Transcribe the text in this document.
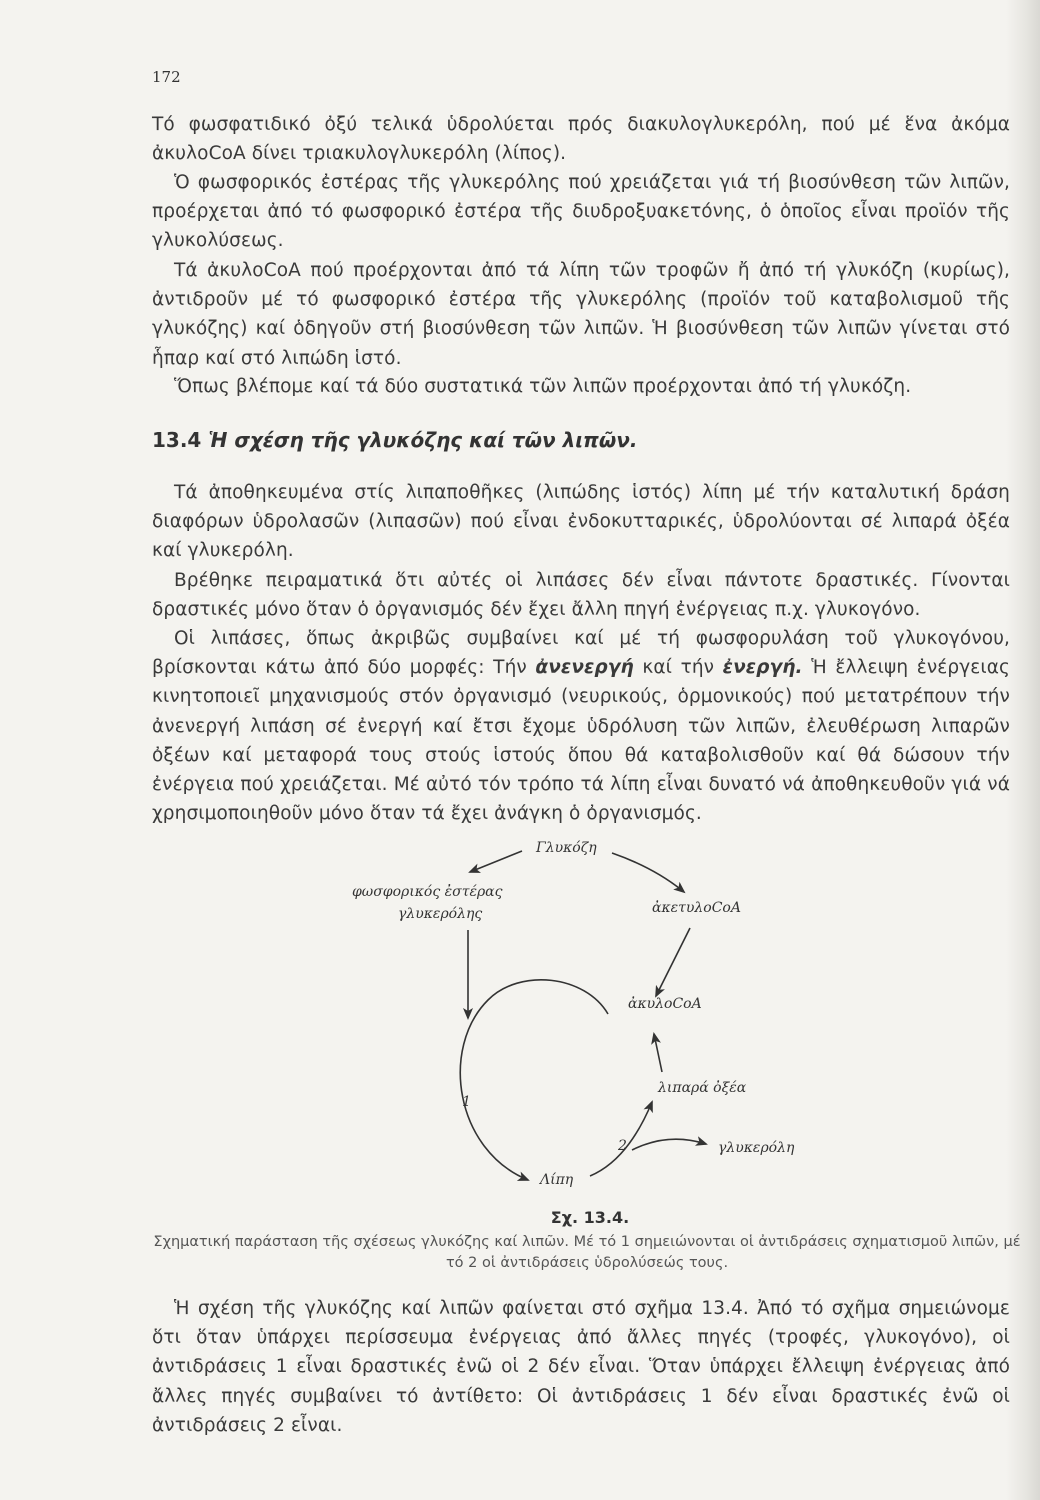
172
Τό φωσφατιδικό ὀξύ τελικά ὑδρολύεται πρός διακυλογλυκερόλη, πού μέ ἕνα ἀκόμα ἀκυλοCoA δίνει τριακυλογλυκερόλη (λίπος).
Ὁ φωσφορικός ἐστέρας τῆς γλυκερόλης πού χρειάζεται γιά τή βιοσύνθεση τῶν λιπῶν, προέρχεται ἀπό τό φωσφορικό ἐστέρα τῆς διυδροξυακετόνης, ὁ ὁποῖος εἶναι προϊόν τῆς γλυκολύσεως.
Τά ἀκυλοCoA πού προέρχονται ἀπό τά λίπη τῶν τροφῶν ἤ ἀπό τή γλυκόζη (κυρίως), ἀντιδροῦν μέ τό φωσφορικό ἐστέρα τῆς γλυκερόλης (προϊόν τοῦ καταβολισμοῦ τῆς γλυκόζης) καί ὁδηγοῦν στή βιοσύνθεση τῶν λιπῶν. Ἡ βιοσύνθεση τῶν λιπῶν γίνεται στό ἧπαρ καί στό λιπώδη ἱστό.
Ὅπως βλέπομε καί τά δύο συστατικά τῶν λιπῶν προέρχονται ἀπό τή γλυκόζη.
13.4 Ἡ σχέση τῆς γλυκόζης καί τῶν λιπῶν.
Τά ἀποθηκευμένα στίς λιπαποθῆκες (λιπώδης ἱστός) λίπη μέ τήν καταλυτική δράση διαφόρων ὑδρολασῶν (λιπασῶν) πού εἶναι ἐνδοκυτταρικές, ὑδρολύονται σέ λιπαρά ὀξέα καί γλυκερόλη.
Βρέθηκε πειραματικά ὅτι αὐτές οἱ λιπάσες δέν εἶναι πάντοτε δραστικές. Γίνονται δραστικές μόνο ὅταν ὁ ὀργανισμός δέν ἔχει ἄλλη πηγή ἐνέργειας π.χ. γλυκογόνο.
Οἱ λιπάσες, ὅπως ἀκριβῶς συμβαίνει καί μέ τή φωσφορυλάση τοῦ γλυκογόνου, βρίσκονται κάτω ἀπό δύο μορφές: Τήν ἀνενεργή καί τήν ἐνεργή. Ἡ ἔλλειψη ἐνέργειας κινητοποιεῖ μηχανισμούς στόν ὀργανισμό (νευρικούς, ὁρμονικούς) πού μετατρέπουν τήν ἀνενεργή λιπάση σέ ἐνεργή καί ἔτσι ἔχομε ὑδρόλυση τῶν λιπῶν, ἐλευθέρωση λιπαρῶν ὀξέων καί μεταφορά τους στούς ἱστούς ὅπου θά καταβολισθοῦν καί θά δώσουν τήν ἐνέργεια πού χρειάζεται. Μέ αὐτό τόν τρόπο τά λίπη εἶναι δυνατό νά ἀποθηκευθοῦν γιά νά χρησιμοποιηθοῦν μόνο ὅταν τά ἔχει ἀνάγκη ὁ ὀργανισμός.
Γλυκόζη
φωσφορικός ἐστέρας
γλυκερόλης	ἀκετυλοCoA
ἀκυλοCoA
λιπαρά ὀξέα
γλυκερόλη
Λίπη
1
2
Σχ. 13.4.
Σχηματική παράσταση τῆς σχέσεως γλυκόζης καί λιπῶν. Μέ τό 1 σημειώνονται οἱ ἀντιδράσεις σχηματισμοῦ λιπῶν, μέ τό 2 οἱ ἀντιδράσεις ὑδρολύσεώς τους.
Ἡ σχέση τῆς γλυκόζης καί λιπῶν φαίνεται στό σχῆμα 13.4. Ἀπό τό σχῆμα σημειώνομε ὅτι ὅταν ὑπάρχει περίσσευμα ἐνέργειας ἀπό ἄλλες πηγές (τροφές, γλυκογόνο), οἱ ἀντιδράσεις 1 εἶναι δραστικές ἐνῶ οἱ 2 δέν εἶναι. Ὅταν ὑπάρχει ἔλλειψη ἐνέργειας ἀπό ἄλλες πηγές συμβαίνει τό ἀντίθετο: Οἱ ἀντιδράσεις 1 δέν εἶναι δραστικές ἐνῶ οἱ ἀντιδράσεις 2 εἶναι.
